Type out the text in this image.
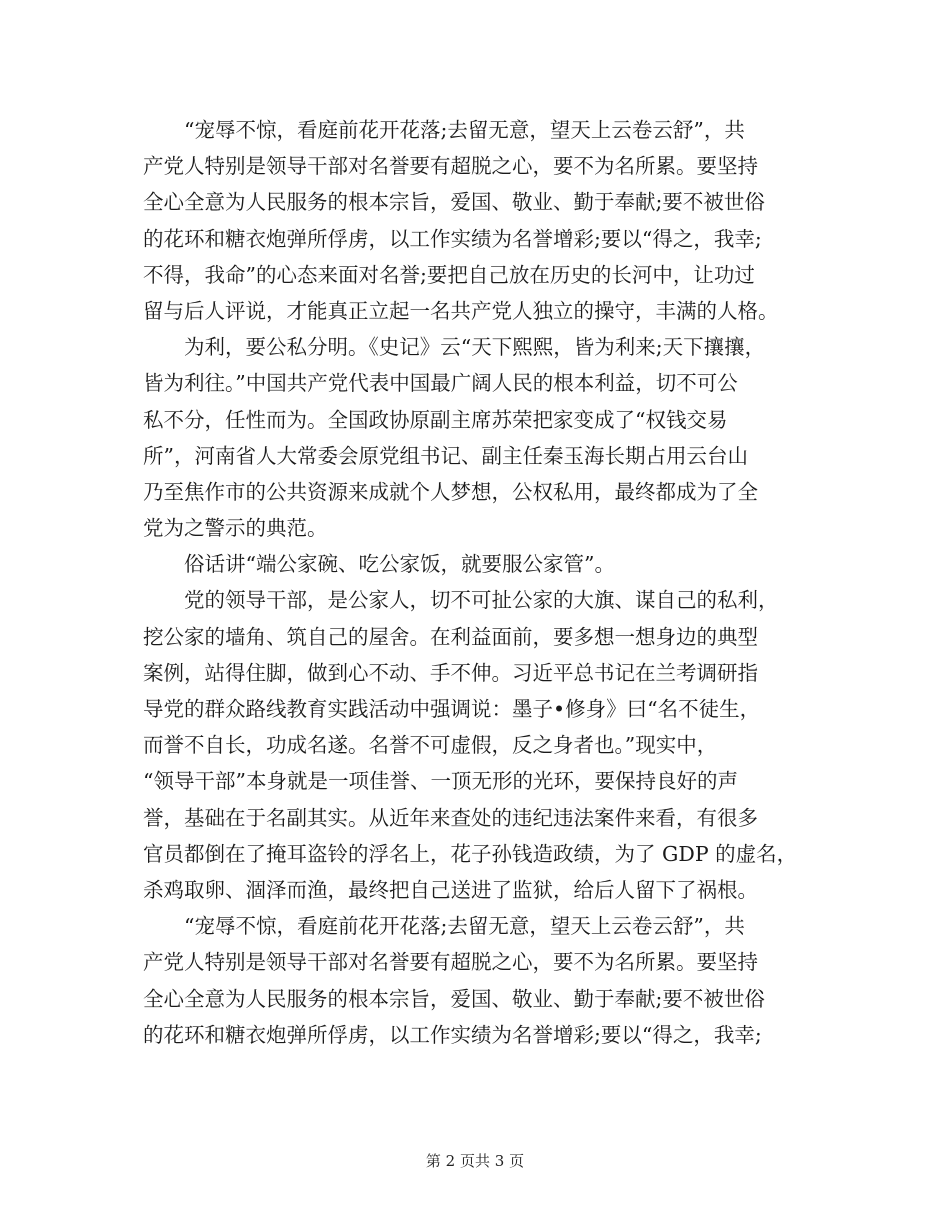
“宠辱不惊，看庭前花开花落;去留无意，望天上云卷云舒”，共
产党人特别是领导干部对名誉要有超脱之心，要不为名所累。要坚持
全心全意为人民服务的根本宗旨，爱国、敬业、勤于奉献;要不被世俗
的花环和糖衣炮弹所俘虏，以工作实绩为名誉增彩;要以“得之，我幸;
不得，我命”的心态来面对名誉;要把自己放在历史的长河中，让功过
留与后人评说，才能真正立起一名共产党人独立的操守，丰满的人格。
为利，要公私分明。《史记》云“天下熙熙，皆为利来;天下攘攘，
皆为利往。”中国共产党代表中国最广阔人民的根本利益，切不可公
私不分，任性而为。全国政协原副主席苏荣把家变成了“权钱交易
所”，河南省人大常委会原党组书记、副主任秦玉海长期占用云台山
乃至焦作市的公共资源来成就个人梦想，公权私用，最终都成为了全
党为之警示的典范。
俗话讲“端公家碗、吃公家饭，就要服公家管”。
党的领导干部，是公家人，切不可扯公家的大旗、谋自己的私利，
挖公家的墙角、筑自己的屋舍。在利益面前，要多想一想身边的典型
案例，站得住脚，做到心不动、手不伸。习近平总书记在兰考调研指
导党的群众路线教育实践活动中强调说：墨子•修身》曰“名不徒生，
而誉不自长，功成名遂。名誉不可虚假，反之身者也。”现实中，
“领导干部”本身就是一项佳誉、一顶无形的光环，要保持良好的声
誉，基础在于名副其实。从近年来查处的违纪违法案件来看，有很多
官员都倒在了掩耳盗铃的浮名上，花子孙钱造政绩，为了 GDP 的虚名，
杀鸡取卵、涸泽而渔，最终把自己送进了监狱，给后人留下了祸根。
“宠辱不惊，看庭前花开花落;去留无意，望天上云卷云舒”，共
产党人特别是领导干部对名誉要有超脱之心，要不为名所累。要坚持
全心全意为人民服务的根本宗旨，爱国、敬业、勤于奉献;要不被世俗
的花环和糖衣炮弹所俘虏，以工作实绩为名誉增彩;要以“得之，我幸;
第 2 页共 3 页
